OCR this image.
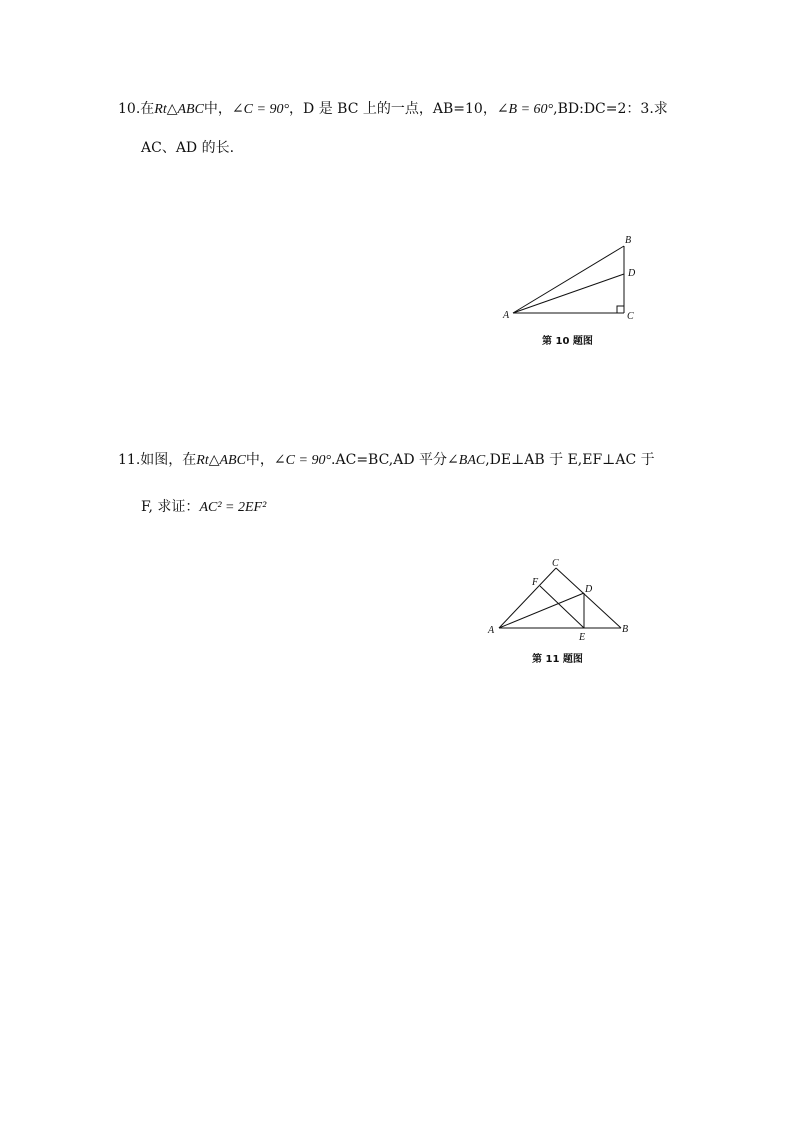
10.在Rt△ABC中，∠C = 90°，D 是 BC 上的一点，AB=10，∠B = 60°,BD:DC=2：3.求
AC、AD 的长.
A
B
C
D
第 10 题图
11.如图，在Rt△ABC中，∠C = 90°.AC=BC,AD 平分∠BAC,DE⊥AB 于 E,EF⊥AC 于
F, 求证：AC² = 2EF²
A	B
C
D
E
F
第 11 题图
